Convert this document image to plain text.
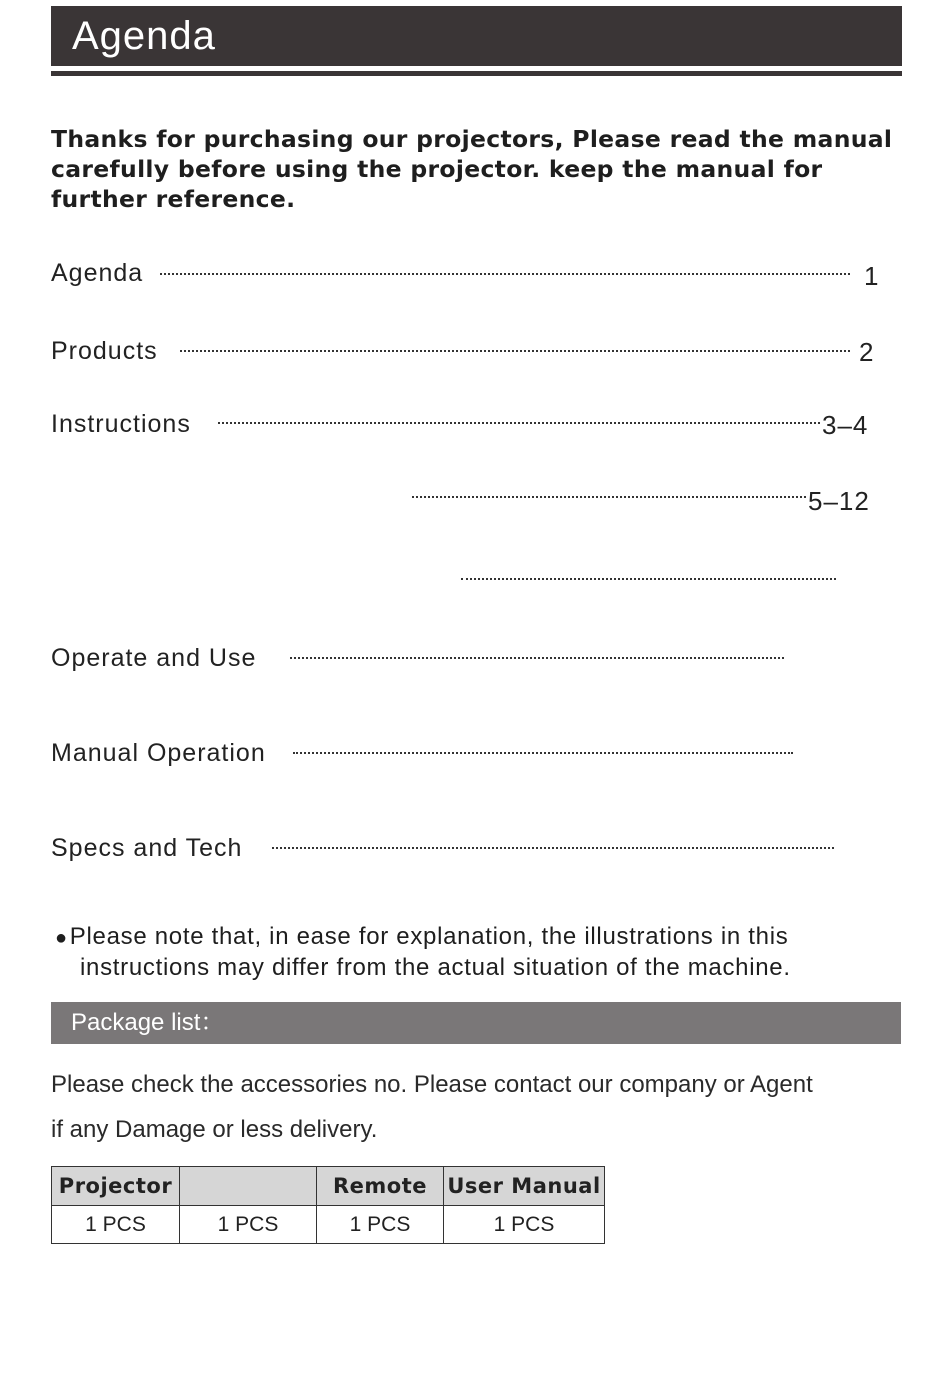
Agenda

Thanks for purchasing our projectors, Please read the manual carefully before using the projector. keep the manual for further reference.

Agenda	1
Products	2
Instructions	3–4
5–12
Operate and Use
Manual Operation
Specs and Tech
●Please note that, in ease for explanation, the illustrations in this
instructions may differ from the actual situation of the machine.
Package list：
Please check the accessories no. Please contact our company or Agent
if any Damage or less delivery.
Projector		Remote	User Manual
1 PCS	1 PCS	1 PCS	1 PCS
